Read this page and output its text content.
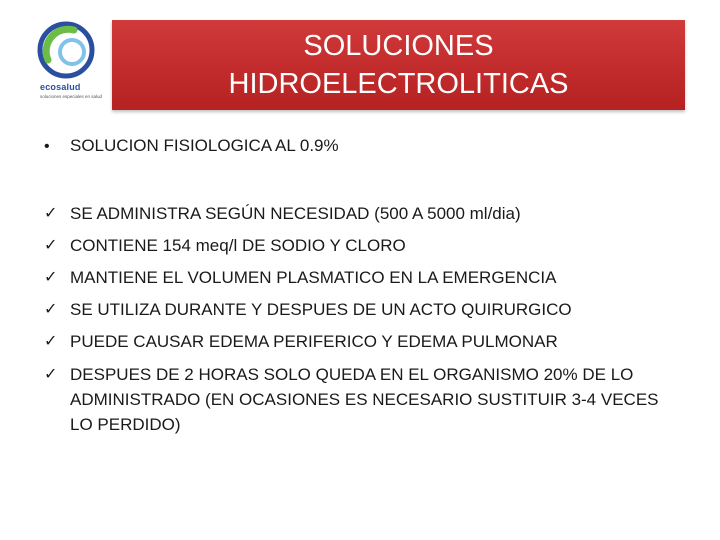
ecosalud
soluciones especiales en salud
SOLUCIONES
HIDROELECTROLITICAS
•	SOLUCION FISIOLOGICA AL 0.9%
✓ SE ADMINISTRA SEGÚN NECESIDAD (500 A 5000 ml/dia)
✓ CONTIENE 154 meq/l DE SODIO Y CLORO
✓ MANTIENE EL VOLUMEN PLASMATICO EN LA EMERGENCIA
✓ SE UTILIZA DURANTE Y DESPUES DE UN ACTO QUIRURGICO
✓ PUEDE CAUSAR EDEMA PERIFERICO Y EDEMA PULMONAR
✓ DESPUES DE 2 HORAS SOLO QUEDA EN EL ORGANISMO 20% DE LO ADMINISTRADO (EN OCASIONES ES NECESARIO SUSTITUIR 3-4 VECES LO PERDIDO)
